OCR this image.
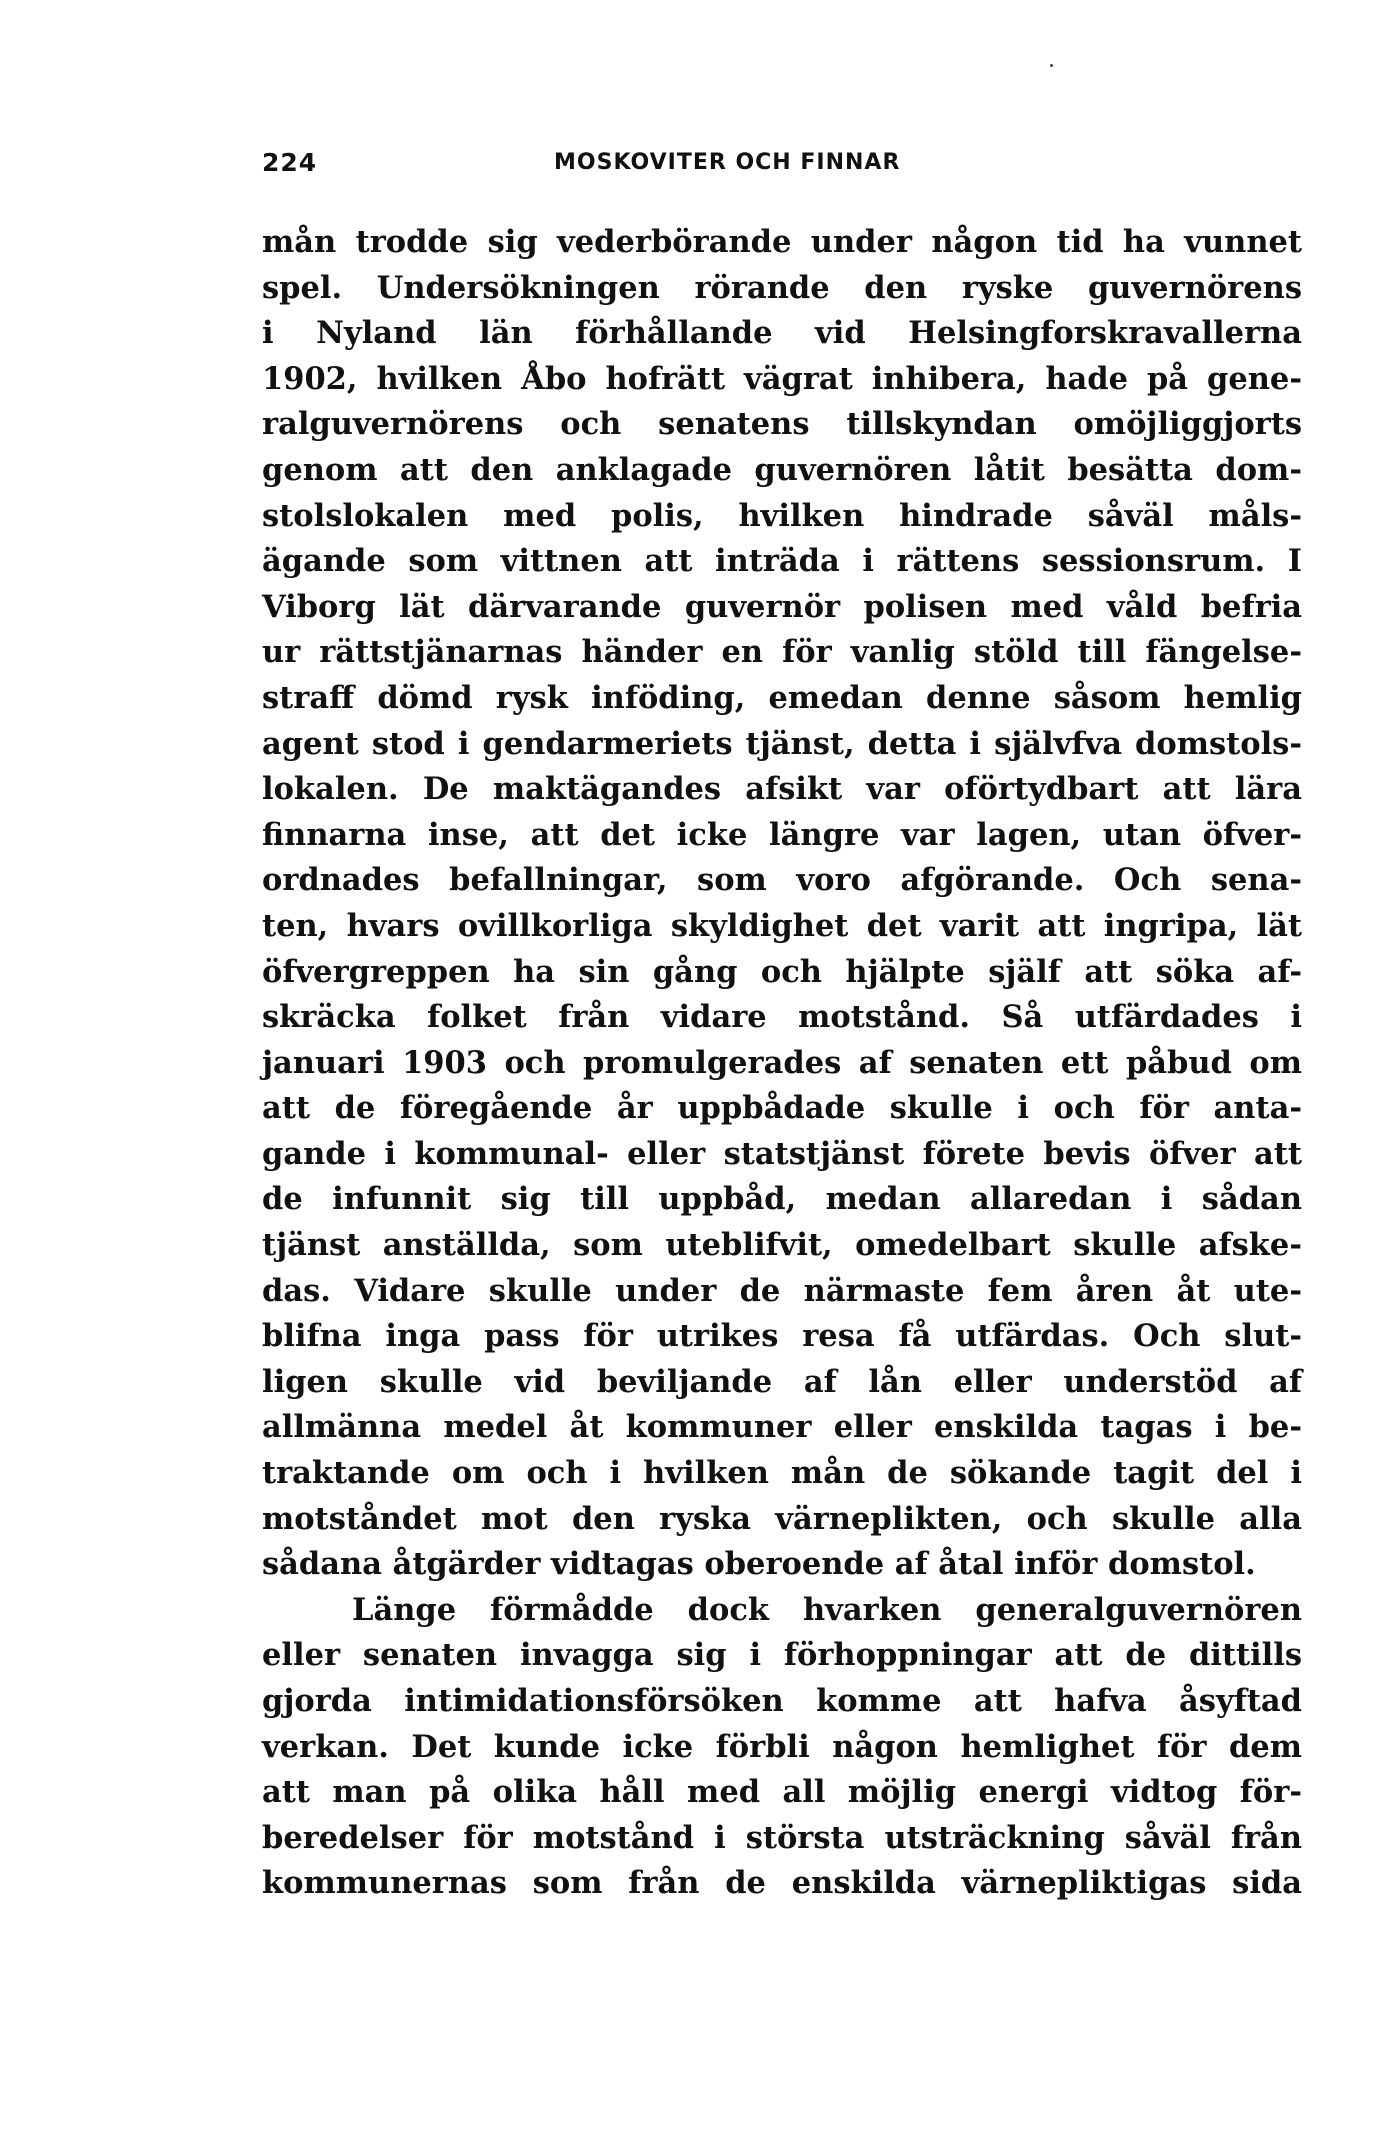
224	MOSKOVITER OCH FINNAR
mån trodde sig vederbörande under någon tid ha vunnet
spel. Undersökningen rörande den ryske guvernörens
i Nyland län förhållande vid Helsingforskravallerna
1902, hvilken Åbo hofrätt vägrat inhibera, hade på gene-
ralguvernörens och senatens tillskyndan omöjliggjorts
genom att den anklagade guvernören låtit besätta dom-
stolslokalen med polis, hvilken hindrade såväl måls-
ägande som vittnen att inträda i rättens sessionsrum. I
Viborg lät därvarande guvernör polisen med våld befria
ur rättstjänarnas händer en för vanlig stöld till fängelse-
straff dömd rysk inföding, emedan denne såsom hemlig
agent stod i gendarmeriets tjänst, detta i självfva domstols-
lokalen. De maktägandes afsikt var oförtydbart att lära
finnarna inse, att det icke längre var lagen, utan öfver-
ordnades befallningar, som voro afgörande. Och sena-
ten, hvars ovillkorliga skyldighet det varit att ingripa, lät
öfvergreppen ha sin gång och hjälpte själf att söka af-
skräcka folket från vidare motstånd. Så utfärdades i
januari 1903 och promulgerades af senaten ett påbud om
att de föregående år uppbådade skulle i och för anta-
gande i kommunal- eller statstjänst förete bevis öfver att
de infunnit sig till uppbåd, medan allaredan i sådan
tjänst anställda, som uteblifvit, omedelbart skulle afske-
das. Vidare skulle under de närmaste fem åren åt ute-
blifna inga pass för utrikes resa få utfärdas. Och slut-
ligen skulle vid beviljande af lån eller understöd af
allmänna medel åt kommuner eller enskilda tagas i be-
traktande om och i hvilken mån de sökande tagit del i
motståndet mot den ryska värneplikten, och skulle alla
sådana åtgärder vidtagas oberoende af åtal inför domstol.
Länge förmådde dock hvarken generalguvernören
eller senaten invagga sig i förhoppningar att de dittills
gjorda intimidationsförsöken komme att hafva åsyftad
verkan. Det kunde icke förbli någon hemlighet för dem
att man på olika håll med all möjlig energi vidtog för-
beredelser för motstånd i största utsträckning såväl från
kommunernas som från de enskilda värnepliktigas sida
